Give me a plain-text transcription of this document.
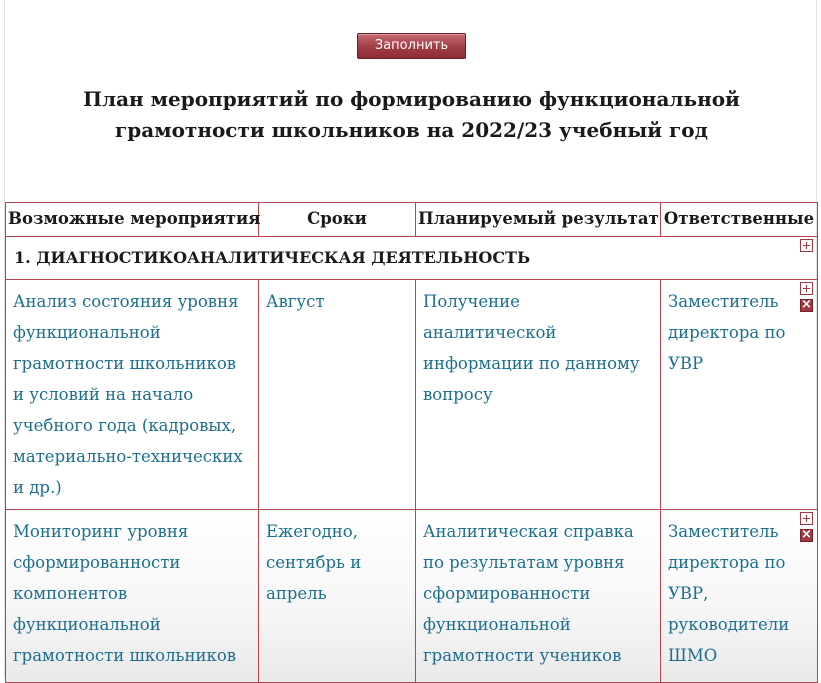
Заполнить
План мероприятий по формированию функциональной грамотности школьников на 2022/23 учебный год
Возможные мероприятия	Сроки	Планируемый результат	Ответственные
1. ДИАГНОСТИКОАНАЛИТИЧЕСКАЯ ДЕЯТЕЛЬНОСТЬ			

Анализ состояния уровня функциональной грамотности школьников и условий на начало учебного года (кадровых, материально-технических и др.)	Август	Получение аналитической информации по данному вопросу	Заместитель директора по УВР
×

Мониторинг уровня сформированности компонентов функциональной грамотности школьников	Ежегодно, сентябрь и апрель	Аналитическая справка по результатам уровня сформированности функциональной грамотности учеников	Заместитель директора по УВР, руководители ШМО
×
